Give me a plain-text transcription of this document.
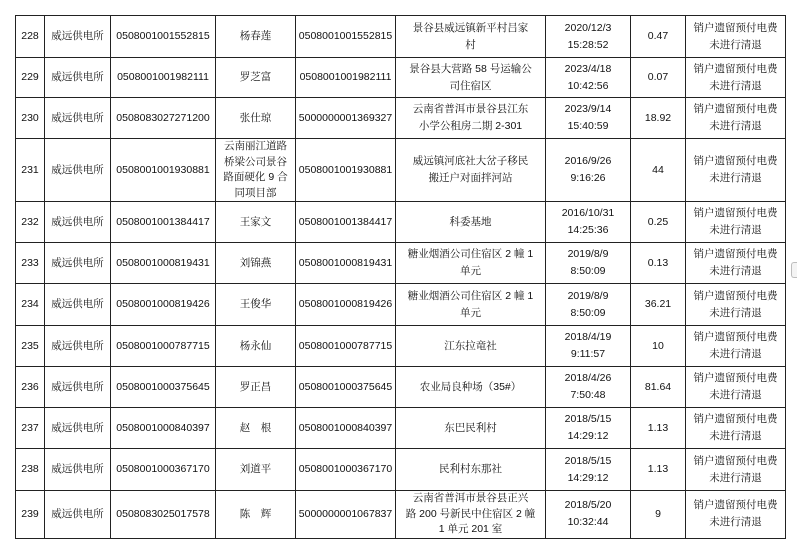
228	威远供电所	0508001001552815	杨春莲	0508001001552815	景谷县威远镇新平村吕家
村	2020/12/3
15:28:52	0.47	销户遗留预付电费
未进行清退
229	威远供电所	0508001001982111	罗芝富	0508001001982111	景谷县大营路 58 号运输公
司住宿区	2023/4/18
10:42:56	0.07	销户遗留预付电费
未进行清退
230	威远供电所	0508083027271200	张仕琼	5000000001369327	云南省普洱市景谷县江东
小学公租房二期 2-301	2023/9/14
15:40:59	18.92	销户遗留预付电费
未进行清退
231	威远供电所	0508001001930881	云南丽江道路
桥梁公司景谷
路面硬化 9 合
同项目部	0508001001930881	威远镇河底社大岔子移民
搬迁户对面拌河站	2016/9/26
9:16:26	44	销户遗留预付电费
未进行清退
232	威远供电所	0508001001384417	王家文	0508001001384417	科委基地	2016/10/31
14:25:36	0.25	销户遗留预付电费
未进行清退
233	威远供电所	0508001000819431	刘锦燕	0508001000819431	糖业烟酒公司住宿区 2 幢 1
单元	2019/8/9
8:50:09	0.13	销户遗留预付电费
未进行清退
234	威远供电所	0508001000819426	王俊华	0508001000819426	糖业烟酒公司住宿区 2 幢 1
单元	2019/8/9
8:50:09	36.21	销户遗留预付电费
未进行清退
235	威远供电所	0508001000787715	杨永仙	0508001000787715	江东拉竜社	2018/4/19
9:11:57	10	销户遗留预付电费
未进行清退
236	威远供电所	0508001000375645	罗正昌	0508001000375645	农业局良种场（35#）	2018/4/26
7:50:48	81.64	销户遗留预付电费
未进行清退
237	威远供电所	0508001000840397	赵　根	0508001000840397	东巴民利村	2018/5/15
14:29:12	1.13	销户遗留预付电费
未进行清退
238	威远供电所	0508001000367170	刘道平	0508001000367170	民利村东那社	2018/5/15
14:29:12	1.13	销户遗留预付电费
未进行清退
239	威远供电所	0508083025017578	陈　辉	5000000001067837	云南省普洱市景谷县正兴
路 200 号新民中住宿区 2 幢
1 单元 201 室	2018/5/20
10:32:44	9	销户遗留预付电费
未进行清退
